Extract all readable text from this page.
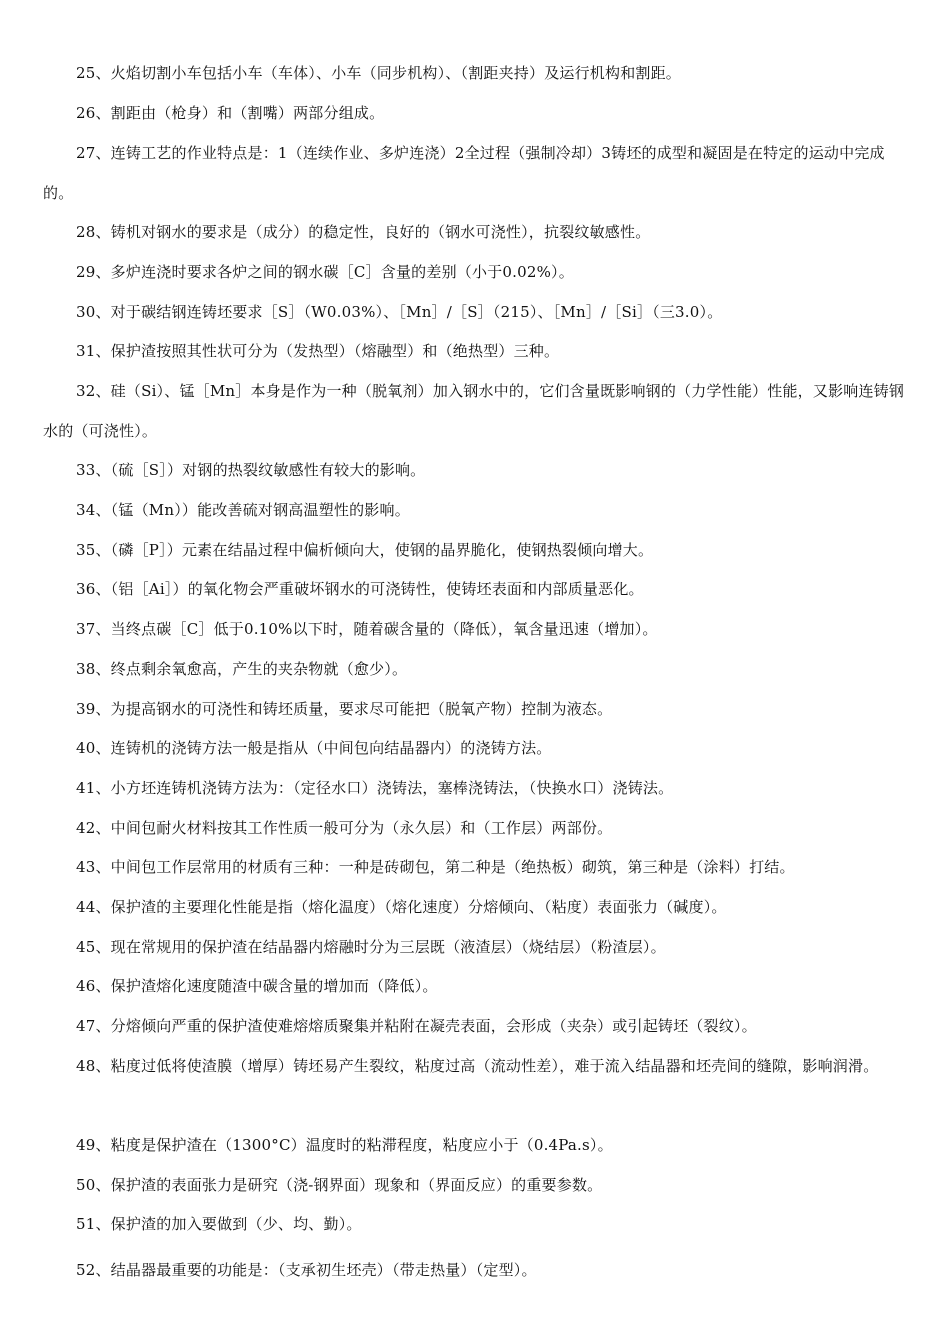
25、火焰切割小车包括小车（车体）、小车（同步机构）、（割距夹持）及运行机构和割距。
26、割距由（枪身）和（割嘴）两部分组成。
27、连铸工艺的作业特点是：1（连续作业、多炉连浇）2全过程（强制冷却）3铸坯的成型和凝固是在特定的运动中完成的。
28、铸机对钢水的要求是（成分）的稳定性，良好的（钢水可浇性），抗裂纹敏感性。
29、多炉连浇时要求各炉之间的钢水碳［C］含量的差别（小于0.02%）。
30、对于碳结钢连铸坯要求［S］（W0.03%）、［Mn］/［S］（215）、［Mn］/［Si］（三3.0）。
31、保护渣按照其性状可分为（发热型）（熔融型）和（绝热型）三种。
32、硅（Si）、锰［Mn］本身是作为一种（脱氧剂）加入钢水中的，它们含量既影响钢的（力学性能）性能，又影响连铸钢水的（可浇性）。
33、（硫［S］）对钢的热裂纹敏感性有较大的影响。
34、（锰（Mn））能改善硫对钢高温塑性的影响。
35、（磷［P］）元素在结晶过程中偏析倾向大，使钢的晶界脆化，使钢热裂倾向增大。
36、（铝［Ai］）的氧化物会严重破坏钢水的可浇铸性，使铸坯表面和内部质量恶化。
37、当终点碳［C］低于0.10%以下时，随着碳含量的（降低），氧含量迅速（增加）。
38、终点剩余氧愈高，产生的夹杂物就（愈少）。
39、为提高钢水的可浇性和铸坯质量，要求尽可能把（脱氧产物）控制为液态。
40、连铸机的浇铸方法一般是指从（中间包向结晶器内）的浇铸方法。
41、小方坯连铸机浇铸方法为：（定径水口）浇铸法，塞棒浇铸法，（快换水口）浇铸法。
42、中间包耐火材料按其工作性质一般可分为（永久层）和（工作层）两部份。
43、中间包工作层常用的材质有三种：一种是砖砌包，第二种是（绝热板）砌筑，第三种是（涂料）打结。
44、保护渣的主要理化性能是指（熔化温度）（熔化速度）分熔倾向、（粘度）表面张力（碱度）。
45、现在常规用的保护渣在结晶器内熔融时分为三层既（液渣层）（烧结层）（粉渣层）。
46、保护渣熔化速度随渣中碳含量的增加而（降低）。
47、分熔倾向严重的保护渣使难熔熔质聚集并粘附在凝壳表面，会形成（夹杂）或引起铸坯（裂纹）。
48、粘度过低将使渣膜（增厚）铸坯易产生裂纹，粘度过高（流动性差），难于流入结晶器和坯壳间的缝隙，影响润滑。
49、粘度是保护渣在（1300°C）温度时的粘滞程度，粘度应小于（0.4Pa.s）。
50、保护渣的表面张力是研究（浇-钢界面）现象和（界面反应）的重要参数。
51、保护渣的加入要做到（少、均、勤）。
52、结晶器最重要的功能是：（支承初生坯壳）（带走热量）（定型）。
